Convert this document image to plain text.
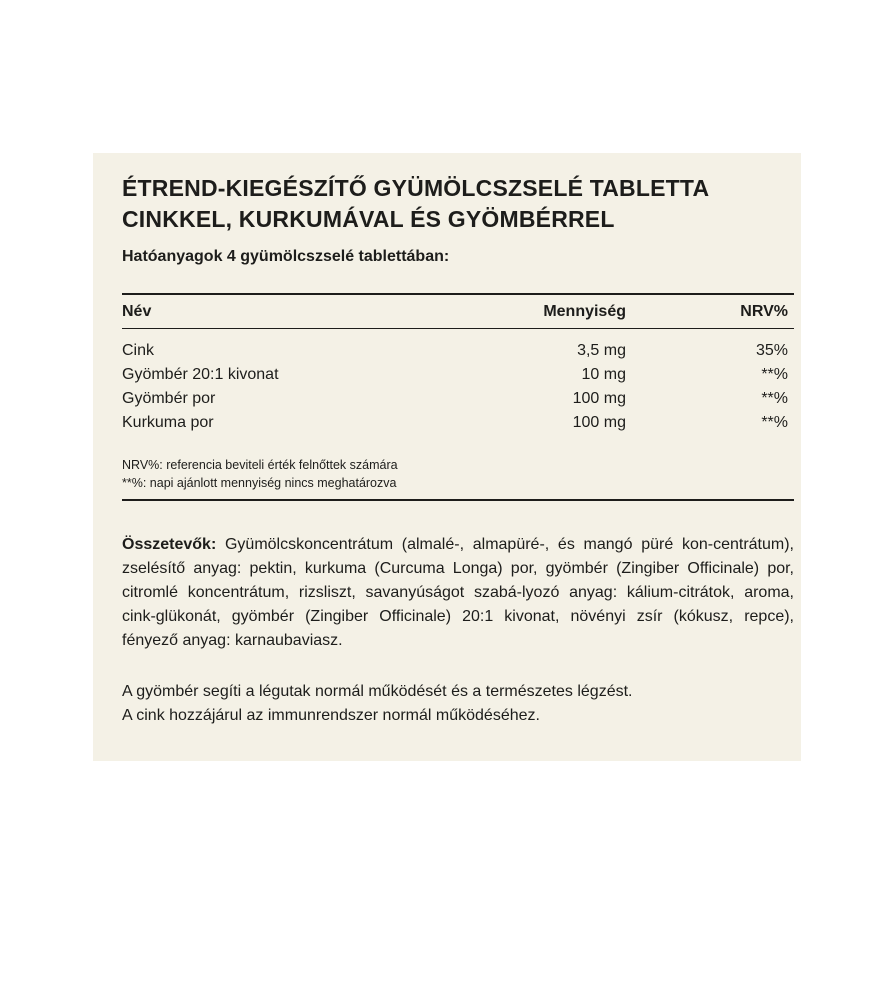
ÉTREND-KIEGÉSZÍTŐ GYÜMÖLCSZSELÉ TABLETTA
CINKKEL, KURKUMÁVAL ÉS GYÖMBÉRREL
Hatóanyagok 4 gyümölcszselé tablettában:
Név	Mennyiség	NRV%
Cink	3,5 mg	35%
Gyömbér 20:1 kivonat	10 mg	**%
Gyömbér por	100 mg	**%
Kurkuma por	100 mg	**%
NRV%: referencia beviteli érték felnőttek számára
**%: napi ajánlott mennyiség nincs meghatározva

Összetevők: Gyümölcskoncentrátum (almalé-, almapüré-, és mangó püré kon-centrátum), zselésítő anyag: pektin, kurkuma (Curcuma Longa) por, gyömbér (Zingiber Officinale) por, citromlé koncentrátum, rizsliszt, savanyúságot szabá-lyozó anyag: kálium-citrátok, aroma, cink-glükonát, gyömbér (Zingiber Officinale) 20:1 kivonat, növényi zsír (kókusz, repce), fényező anyag: karnaubaviasz.

A gyömbér segíti a légutak normál működését és a természetes légzést.
A cink hozzájárul az immunrendszer normál működéséhez.
